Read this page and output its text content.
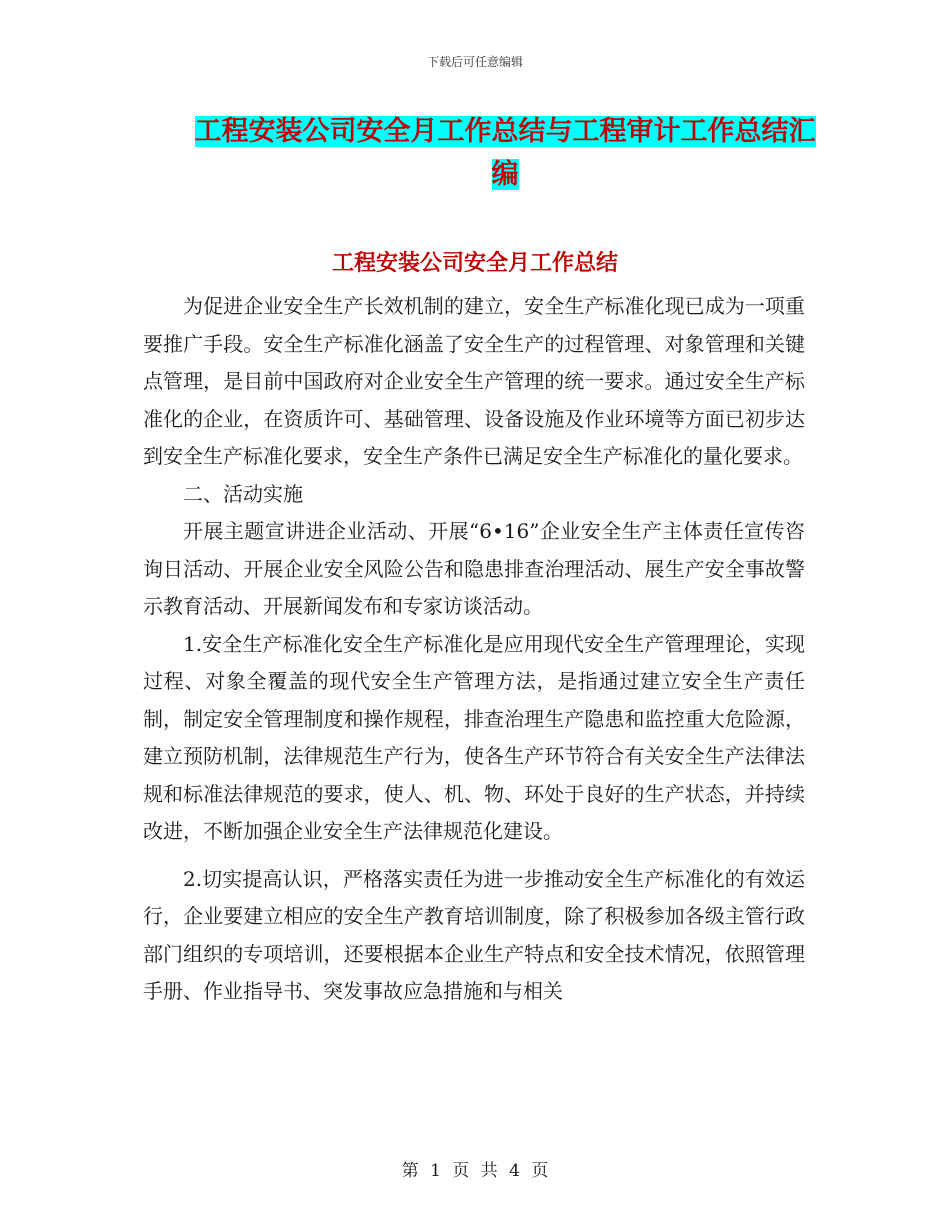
下载后可任意编辑
工程安装公司安全月工作总结与工程审计工作总结汇
编
工程安装公司安全月工作总结

为促进企业安全生产长效机制的建立，安全生产标准化现已成为一项重要推广手段。安全生产标准化涵盖了安全生产的过程管理、对象管理和关键点管理，是目前中国政府对企业安全生产管理的统一要求。通过安全生产标准化的企业，在资质许可、基础管理、设备设施及作业环境等方面已初步达到安全生产标准化要求，安全生产条件已满足安全生产标准化的量化要求。

二、活动实施

开展主题宣讲进企业活动、开展“6•16”企业安全生产主体责任宣传咨询日活动、开展企业安全风险公告和隐患排查治理活动、展生产安全事故警示教育活动、开展新闻发布和专家访谈活动。

1.安全生产标准化安全生产标准化是应用现代安全生产管理理论，实现过程、对象全覆盖的现代安全生产管理方法，是指通过建立安全生产责任制，制定安全管理制度和操作规程，排查治理生产隐患和监控重大危险源，建立预防机制，法律规范生产行为，使各生产环节符合有关安全生产法律法规和标准法律规范的要求，使人、机、物、环处于良好的生产状态，并持续改进，不断加强企业安全生产法律规范化建设。

2.切实提高认识，严格落实责任为进一步推动安全生产标准化的有效运行，企业要建立相应的安全生产教育培训制度，除了积极参加各级主管行政部门组织的专项培训，还要根据本企业生产特点和安全技术情况，依照管理手册、作业指导书、突发事故应急措施和与相关

第 1 页 共 4 页
